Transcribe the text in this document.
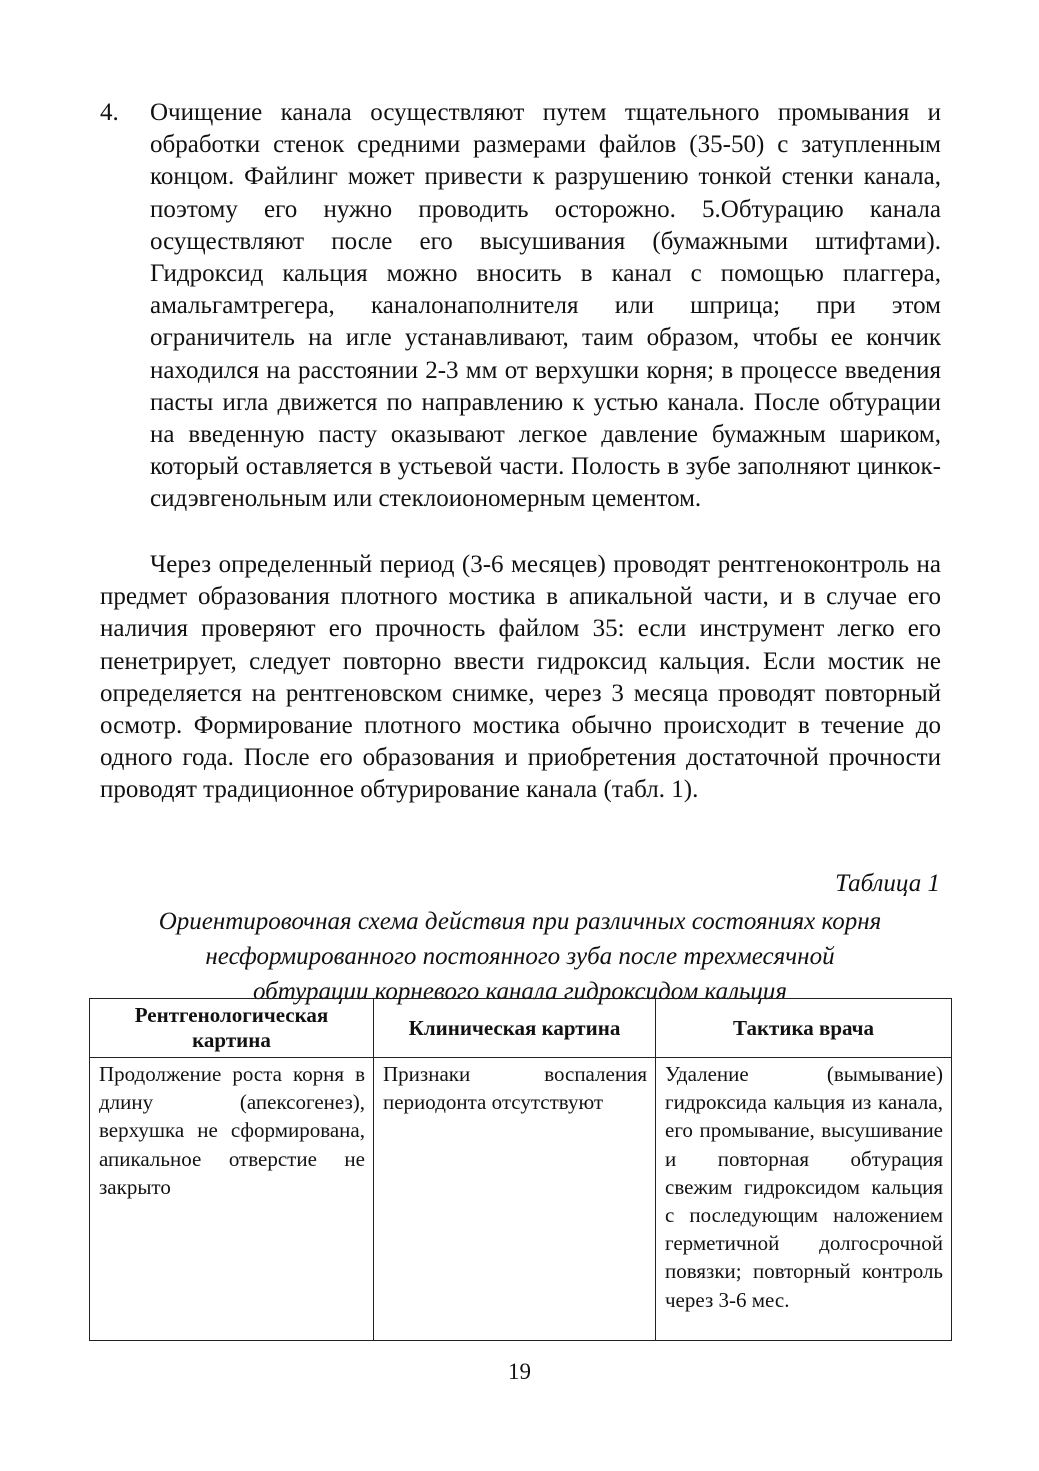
4.	Очищение канала осуществляют путем тщательного промывания и обработки стенок средними размерами файлов (35-50) с затупленным концом. Файлинг может привести к разрушению тонкой стенки канала, поэтому его нужно проводить осторожно. 5.Обтурацию канала осуществляют после его высушивания (бумажными штифтами). Гидроксид кальция можно вносить в канал с помощью плаггера, амальгамтрегера, каналонаполнителя или шприца; при этом ограничитель на игле устанавливают, таим образом, чтобы ее кончик находился на расстоянии 2-3 мм от верхушки корня; в процессе введения пасты игла движется по направлению к устью канала. После обтурации на введенную пасту оказывают легкое давление бумажным шариком, который оставляется в устьевой части. Полость в зубе заполняют цинкоксидэвгенольным или стеклоиономерным цементом.
Через определенный период (3-6 месяцев) проводят рентгеноконтроль на предмет образования плотного мостика в апикальной части, и в случае его наличия проверяют его прочность файлом 35: если инструмент легко его пенетрирует, следует повторно ввести гидроксид кальция. Если мостик не определяется на рентгеновском снимке, через 3 месяца проводят повторный осмотр. Формирование плотного мостика обычно происходит в течение до одного года. После его образования и приобретения достаточной прочности проводят традиционное обтурирование канала (табл. 1).
Таблица 1
Ориентировочная схема действия при различных состояниях корня
несформированного постоянного зуба после трехмесячной
обтурации корневого канала гидроксидом кальция
Рентгенологическая картина	Клиническая картина	Тактика врача
Продолжение роста корня в длину (апексогенез), верхушка не сформирована, апикальное отверстие не закрыто	Признаки воспаления периодонта отсутствуют	Удаление (вымывание) гидроксида кальция из канала, его промывание, высушивание и повторная обтурация свежим гидроксидом кальция с последующим наложением герметичной долгосрочной повязки; повторный контроль через 3-6 мес.
19
